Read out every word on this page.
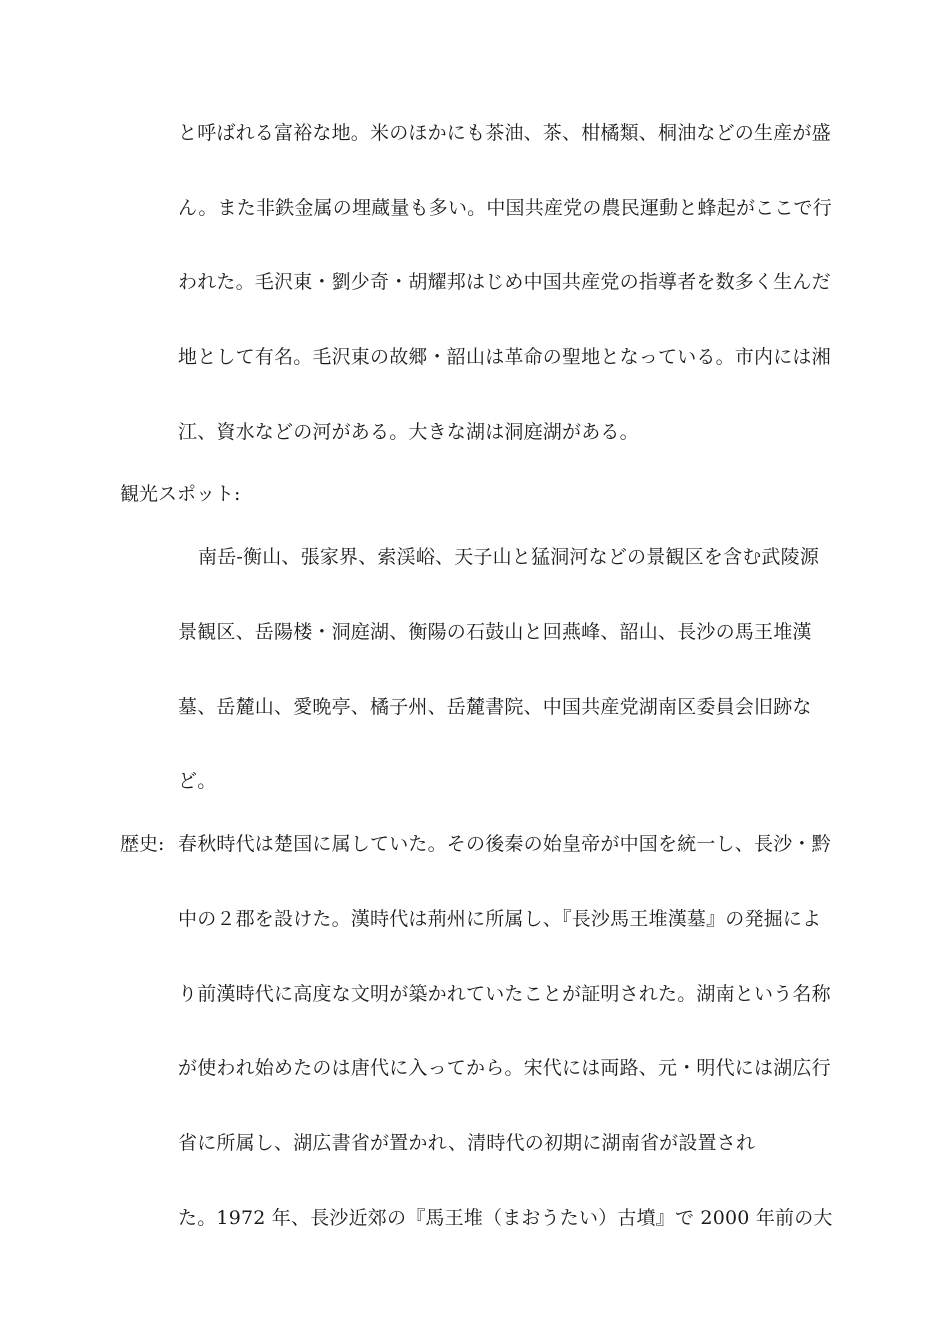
と呼ばれる富裕な地。米のほかにも茶油、茶、柑橘類、桐油などの生産が盛
ん。また非鉄金属の埋蔵量も多い。中国共産党の農民運動と蜂起がここで行
われた。毛沢東・劉少奇・胡耀邦はじめ中国共産党の指導者を数多く生んだ
地として有名。毛沢東の故郷・韶山は革命の聖地となっている。市内には湘
江、資水などの河がある。大きな湖は洞庭湖がある。
観光スポット:
南岳-衡山、張家界、索渓峪、天子山と猛洞河などの景観区を含む武陵源
景観区、岳陽楼・洞庭湖、衡陽の石鼓山と回燕峰、韶山、長沙の馬王堆漢
墓、岳麓山、愛晩亭、橘子州、岳麓書院、中国共産党湖南区委員会旧跡な
ど。
歴史: 春秋時代は楚国に属していた。その後秦の始皇帝が中国を統一し、長沙・黔
中の２郡を設けた。漢時代は荊州に所属し、『長沙馬王堆漢墓』の発掘によ
り前漢時代に高度な文明が築かれていたことが証明された。湖南という名称
が使われ始めたのは唐代に入ってから。宋代には両路、元・明代には湖広行
省に所属し、湖広書省が置かれ、清時代の初期に湖南省が設置され
た。1972 年、長沙近郊の『馬王堆（まおうたい）古墳』で 2000 年前の大
